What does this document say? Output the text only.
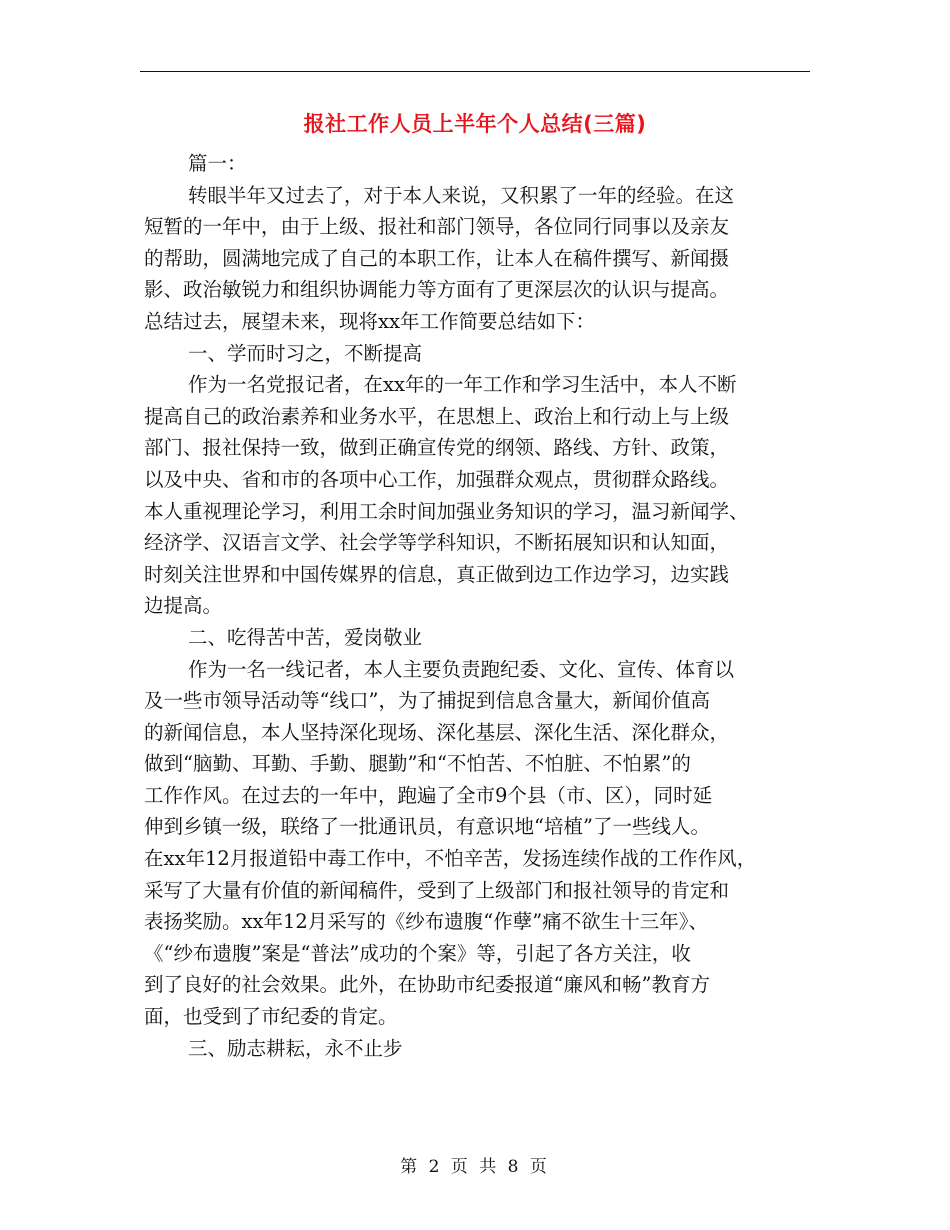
报社工作人员上半年个人总结(三篇)
篇一：
转眼半年又过去了，对于本人来说，又积累了一年的经验。在这
短暂的一年中，由于上级、报社和部门领导，各位同行同事以及亲友
的帮助，圆满地完成了自己的本职工作，让本人在稿件撰写、新闻摄
影、政治敏锐力和组织协调能力等方面有了更深层次的认识与提高。
总结过去，展望未来，现将xx年工作简要总结如下：
一、学而时习之，不断提高
作为一名党报记者，在xx年的一年工作和学习生活中，本人不断
提高自己的政治素养和业务水平，在思想上、政治上和行动上与上级
部门、报社保持一致，做到正确宣传党的纲领、路线、方针、政策，
以及中央、省和市的各项中心工作，加强群众观点，贯彻群众路线。
本人重视理论学习，利用工余时间加强业务知识的学习，温习新闻学、
经济学、汉语言文学、社会学等学科知识，不断拓展知识和认知面，
时刻关注世界和中国传媒界的信息，真正做到边工作边学习，边实践
边提高。
二、吃得苦中苦，爱岗敬业
作为一名一线记者，本人主要负责跑纪委、文化、宣传、体育以
及一些市领导活动等“线口”，为了捕捉到信息含量大，新闻价值高
的新闻信息，本人坚持深化现场、深化基层、深化生活、深化群众，
做到“脑勤、耳勤、手勤、腿勤”和“不怕苦、不怕脏、不怕累”的
工作作风。在过去的一年中，跑遍了全市9个县（市、区），同时延
伸到乡镇一级，联络了一批通讯员，有意识地“培植”了一些线人。
在xx年12月报道铅中毒工作中，不怕辛苦，发扬连续作战的工作作风，
采写了大量有价值的新闻稿件，受到了上级部门和报社领导的肯定和
表扬奖励。xx年12月采写的《纱布遗腹“作孽”痛不欲生十三年》、
《“纱布遗腹”案是“普法”成功的个案》等，引起了各方关注，收
到了良好的社会效果。此外，在协助市纪委报道“廉风和畅”教育方
面，也受到了市纪委的肯定。
三、励志耕耘，永不止步
第 2 页 共 8 页
